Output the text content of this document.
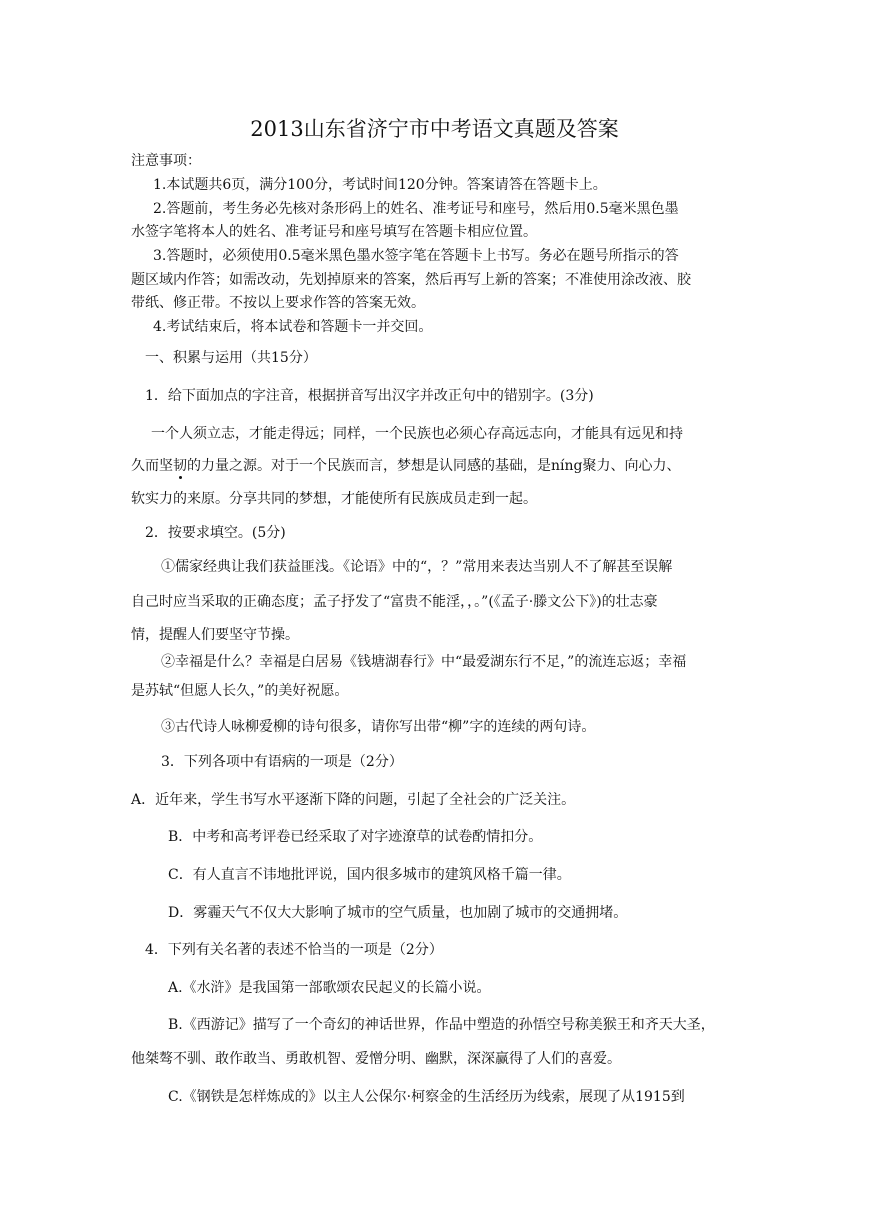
2013山东省济宁市中考语文真题及答案

注意事项：

1.本试题共6页，满分100分，考试时间120分钟。答案请答在答题卡上。

2.答题前，考生务必先核对条形码上的姓名、准考证号和座号，然后用0.5毫米黑色墨

水签字笔将本人的姓名、准考证号和座号填写在答题卡相应位置。

3.答题时，必须使用0.5毫米黑色墨水签字笔在答题卡上书写。务必在题号所指示的答

题区域内作答；如需改动，先划掉原来的答案，然后再写上新的答案；不准使用涂改液、胶

带纸、修正带。不按以上要求作答的答案无效。

4.考试结束后，将本试卷和答题卡一并交回。

一、积累与运用（共15分）

1．给下面加点的字注音，根据拼音写出汉字并改正句中的错别字。(3分)

一个人须立志，才能走得远；同样，一个民族也必须心存高远志向，才能具有远见和持

久而坚韧的力量之源。对于一个民族而言，梦想是认同感的基础，是níng聚力、向心力、

软实力的来原。分享共同的梦想，才能使所有民族成员走到一起。

2．按要求填空。(5分)

①儒家经典让我们获益匪浅。《论语》中的“，？”常用来表达当别人不了解甚至误解

自己时应当采取的正确态度；孟子抒发了“富贵不能淫，，。”(《孟子·滕文公下》)的壮志豪

情，提醒人们要坚守节操。

②幸福是什么？幸福是白居易《钱塘湖春行》中“最爱湖东行不足，”的流连忘返；幸福

是苏轼“但愿人长久，”的美好祝愿。

③古代诗人咏柳爱柳的诗句很多，请你写出带“柳”字的连续的两句诗。

3．下列各项中有语病的一项是（2分）

A．近年来，学生书写水平逐渐下降的问题，引起了全社会的广泛关注。

B．中考和高考评卷已经采取了对字迹潦草的试卷酌情扣分。

C．有人直言不讳地批评说，国内很多城市的建筑风格千篇一律。

D．雾霾天气不仅大大影响了城市的空气质量，也加剧了城市的交通拥堵。

4．下列有关名著的表述不恰当的一项是（2分）

A.《水浒》是我国第一部歌颂农民起义的长篇小说。

B.《西游记》描写了一个奇幻的神话世界，作品中塑造的孙悟空号称美猴王和齐天大圣，

他桀骜不驯、敢作敢当、勇敢机智、爱憎分明、幽默，深深赢得了人们的喜爱。

C.《钢铁是怎样炼成的》以主人公保尔·柯察金的生活经历为线索，展现了从1915到
